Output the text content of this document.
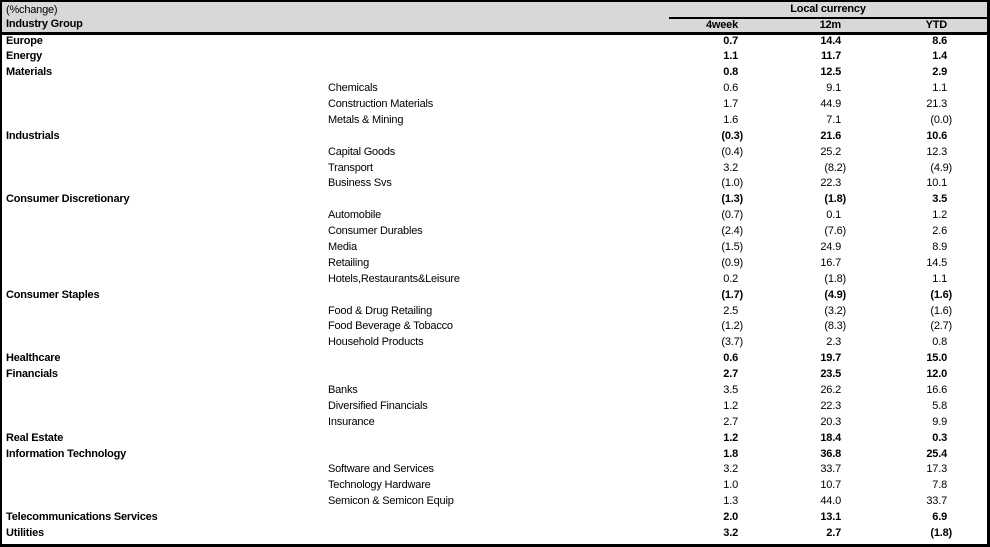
(%change)		Local currency			
Industry Group		4week	12m	YTD	
Europe		0.7	14.4	8.6	
Energy		1.1	11.7	1.4	
Materials		0.8	12.5	2.9	
	Chemicals	0.6	9.1	1.1	
	Construction Materials	1.7	44.9	21.3	
	Metals & Mining	1.6	7.1	(0.0)	
Industrials		(0.3)	21.6	10.6	
	Capital Goods	(0.4)	25.2	12.3	
	Transport	3.2	(8.2)	(4.9)	
	Business Svs	(1.0)	22.3	10.1	
Consumer Discretionary		(1.3)	(1.8)	3.5	
	Automobile	(0.7)	0.1	1.2	
	Consumer Durables	(2.4)	(7.6)	2.6	
	Media	(1.5)	24.9	8.9	
	Retailing	(0.9)	16.7	14.5	
	Hotels,Restaurants&Leisure	0.2	(1.8)	1.1	
Consumer Staples		(1.7)	(4.9)	(1.6)	
	Food & Drug Retailing	2.5	(3.2)	(1.6)	
	Food Beverage & Tobacco	(1.2)	(8.3)	(2.7)	
	Household Products	(3.7)	2.3	0.8	
Healthcare		0.6	19.7	15.0	
Financials		2.7	23.5	12.0	
	Banks	3.5	26.2	16.6	
	Diversified Financials	1.2	22.3	5.8	
	Insurance	2.7	20.3	9.9	
Real Estate		1.2	18.4	0.3	
Information Technology		1.8	36.8	25.4	
	Software and Services	3.2	33.7	17.3	
	Technology Hardware	1.0	10.7	7.8	
	Semicon & Semicon Equip	1.3	44.0	33.7	
Telecommunications Services		2.0	13.1	6.9	
Utilities		3.2	2.7	(1.8)	
